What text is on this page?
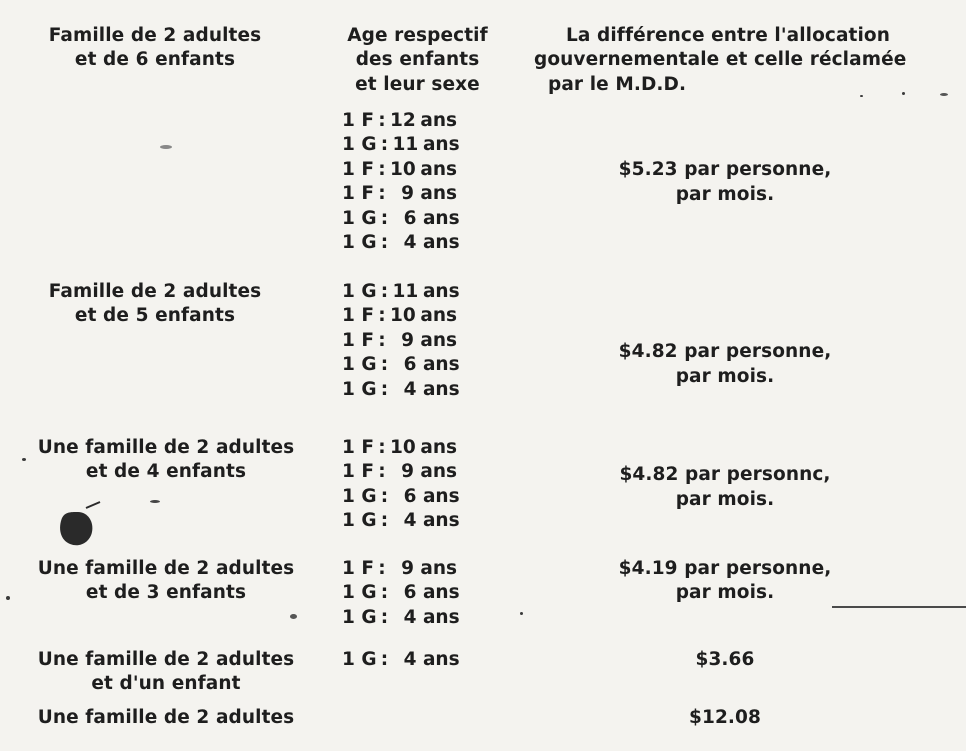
Famille de 2 adultes
et de 6 enfants
Age respectif
des enfants
et leur sexe
La différence entre l'allocation
gouvernementale et celle réclamée
par le M.D.D.
1 F : 12 ans
1 G : 11 ans
1 F : 10 ans
1 F : 9 ans
1 G : 6 ans
1 G : 4 ans
$5.23 par personne,
par mois.
Famille de 2 adultes
et de 5 enfants
1 G : 11 ans
1 F : 10 ans
1 F : 9 ans
1 G : 6 ans
1 G : 4 ans
$4.82 par personne,
par mois.
Une famille de 2 adultes
et de 4 enfants
1 F : 10 ans
1 F : 9 ans
1 G : 6 ans
1 G : 4 ans
$4.82 par personnc,
par mois.
Une famille de 2 adultes
et de 3 enfants
1 F : 9 ans
1 G : 6 ans
1 G : 4 ans
$4.19 par personne,
par mois.
Une famille de 2 adultes
et d'un enfant
1 G : 4 ans	$3.66
Une famille de 2 adultes	$12.08
